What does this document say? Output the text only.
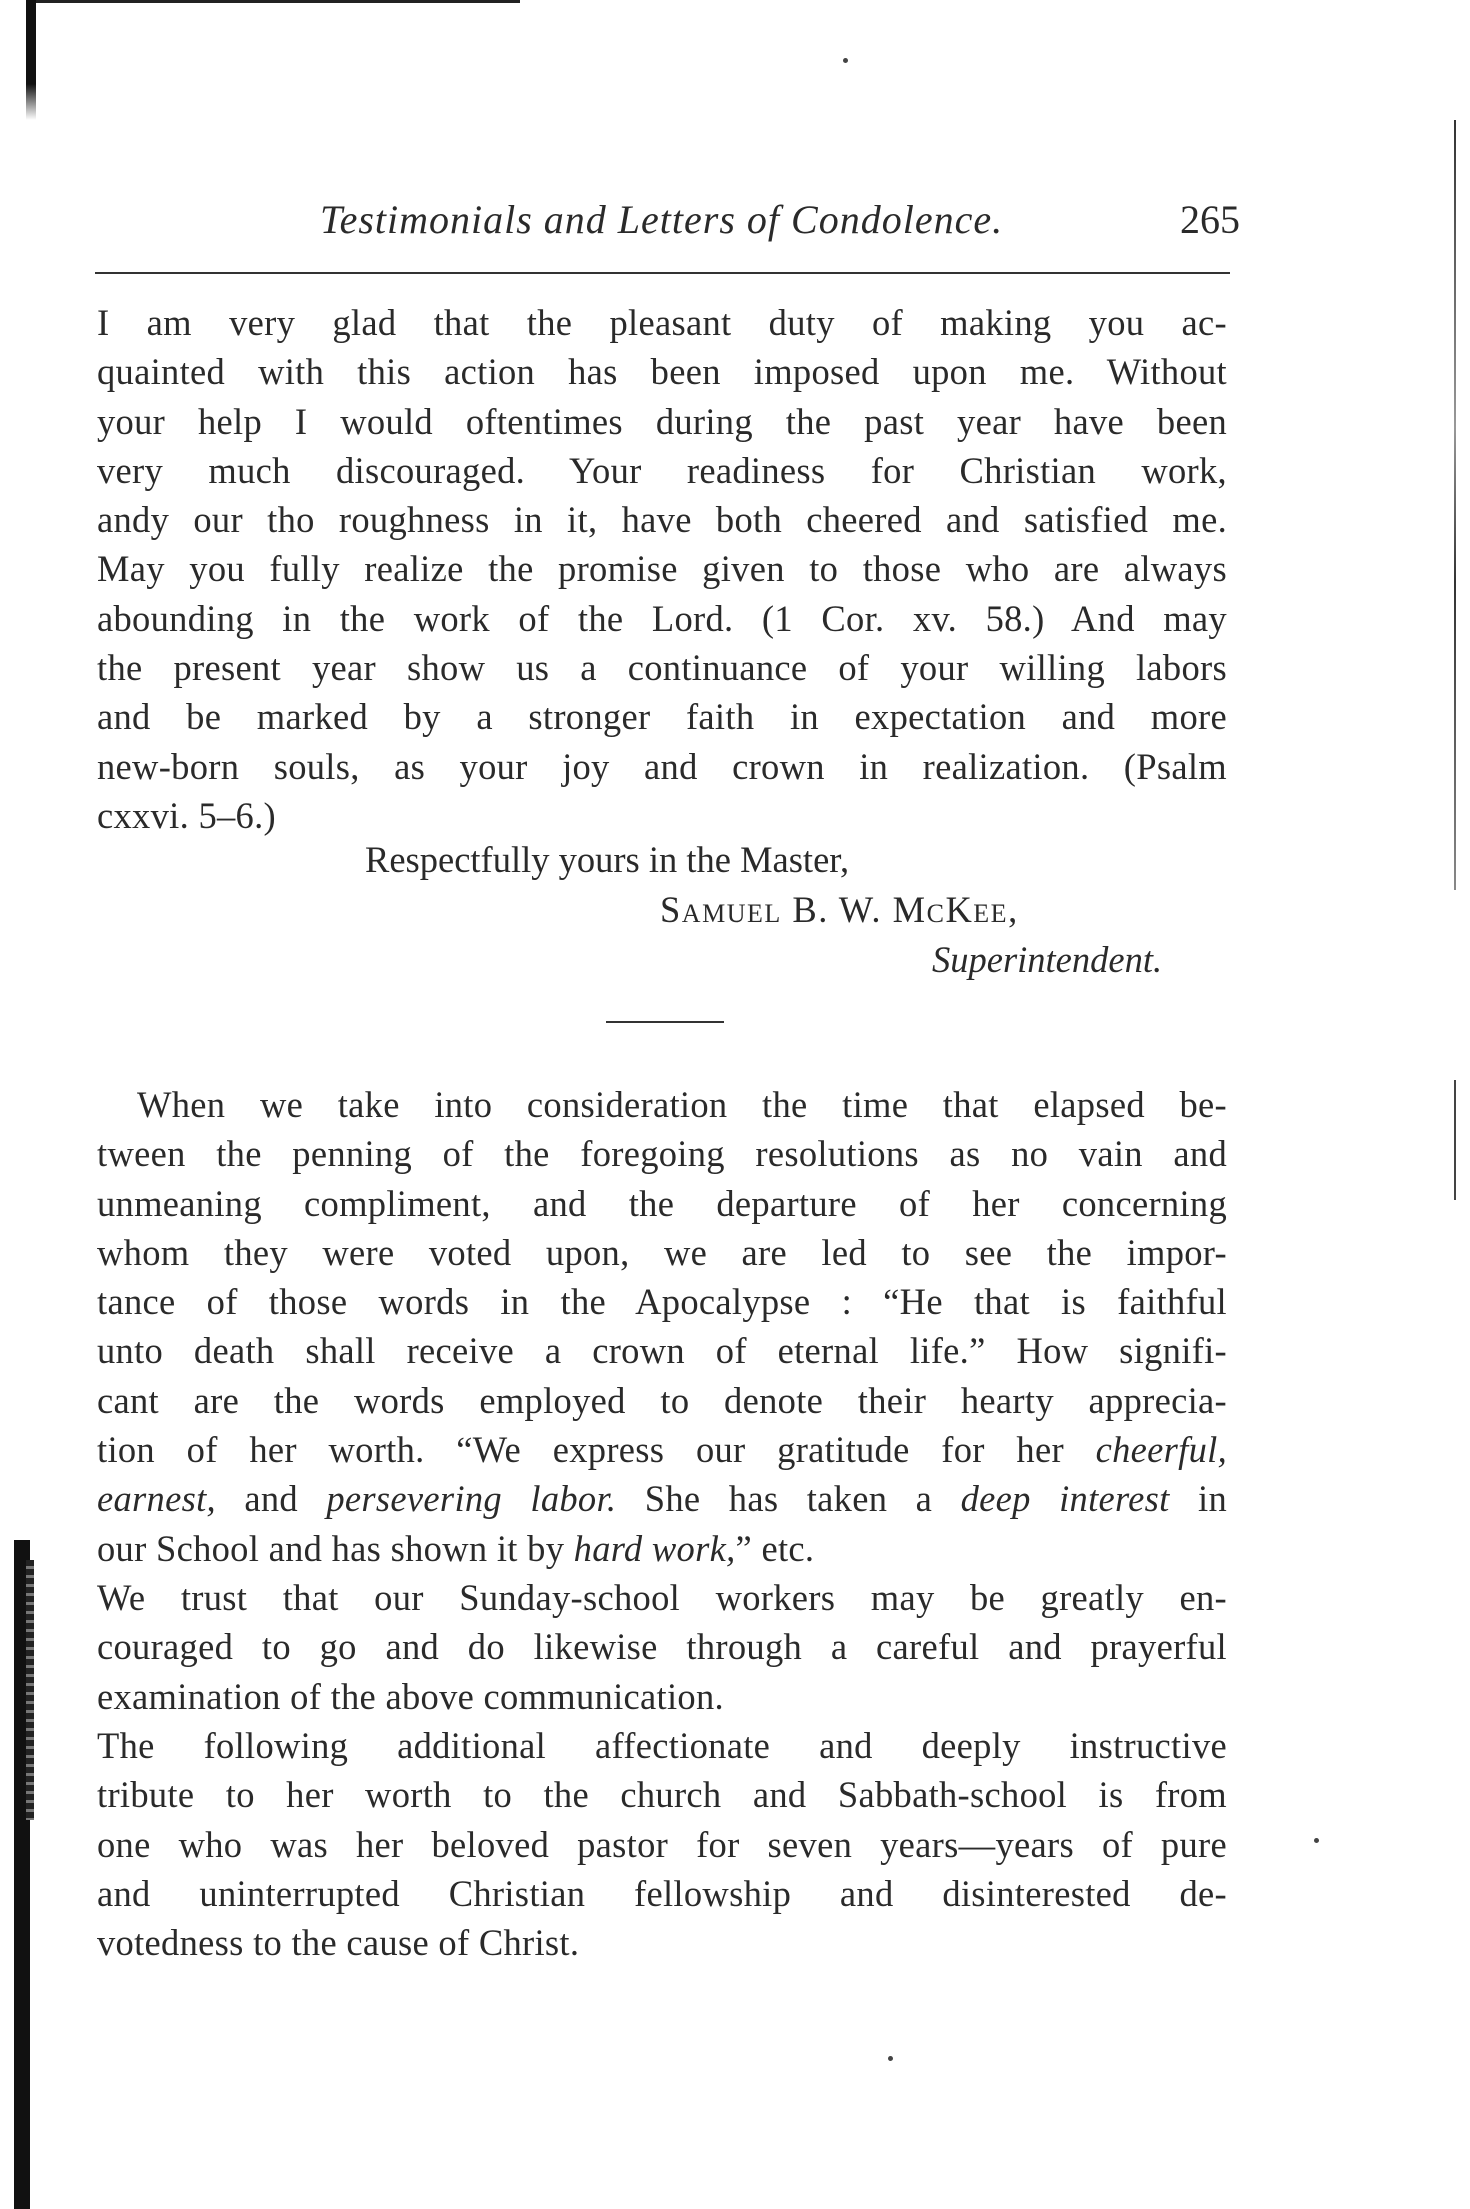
Testimonials and Letters of Condolence.	265
I am very glad that the pleasant duty of making you ac-
quainted with this action has been imposed upon me. Without
your help I would oftentimes during the past year have been
very much discouraged. Your readiness for Christian work,
andy our tho roughness in it, have both cheered and satisfied me.
May you fully realize the promise given to those who are always
abounding in the work of the Lord. (1 Cor. xv. 58.) And may
the present year show us a continuance of your willing labors
and be marked by a stronger faith in expectation and more
new-born souls, as your joy and crown in realization. (Psalm
cxxvi. 5–6.)
Respectfully yours in the Master,
Samuel B. W. McKee,
Superintendent.
When we take into consideration the time that elapsed be-
tween the penning of the foregoing resolutions as no vain and
unmeaning compliment, and the departure of her concerning
whom they were voted upon, we are led to see the impor-
tance of those words in the Apocalypse : “He that is faithful
unto death shall receive a crown of eternal life.” How signifi-
cant are the words employed to denote their hearty apprecia-
tion of her worth. “We express our gratitude for her cheerful,
earnest, and persevering labor. She has taken a deep interest in
our School and has shown it by hard work,” etc.
We trust that our Sunday-school workers may be greatly en-
couraged to go and do likewise through a careful and prayerful
examination of the above communication.
The following additional affectionate and deeply instructive
tribute to her worth to the church and Sabbath-school is from
one who was her beloved pastor for seven years—years of pure
and uninterrupted Christian fellowship and disinterested de-
votedness to the cause of Christ.
